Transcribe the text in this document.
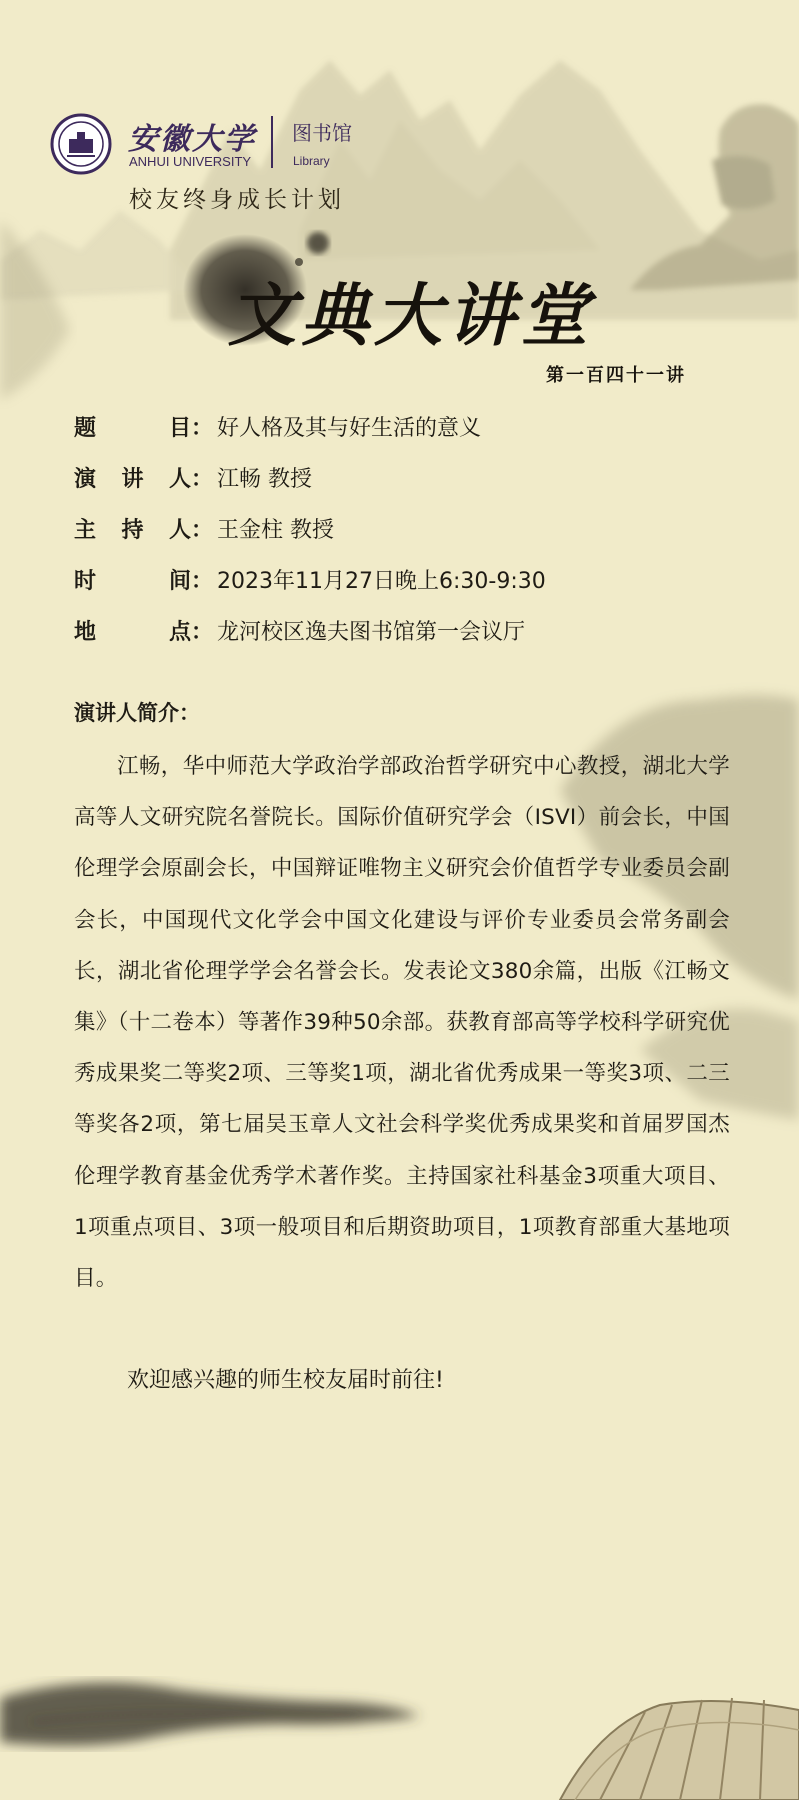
安徽大学
ANHUI UNIVERSITY
图书馆
Library
校友终身成长计划
文典大讲堂
第一百四十一讲
题	目 ： 好人格及其与好生活的意义
演 讲 人 ： 江畅 教授
主 持 人 ： 王金柱 教授
时	间 ： 2023年11月27日晚上6:30-9:30
地	点 ： 龙河校区逸夫图书馆第一会议厅
演讲人简介：
江畅，华中师范大学政治学部政治哲学研究中心教授，湖北大学高等人文研究院名誉院长。国际价值研究学会（ISVI）前会长，中国伦理学会原副会长，中国辩证唯物主义研究会价值哲学专业委员会副会长，中国现代文化学会中国文化建设与评价专业委员会常务副会长，湖北省伦理学学会名誉会长。发表论文380余篇，出版《江畅文集》（十二卷本）等著作39种50余部。获教育部高等学校科学研究优秀成果奖二等奖2项、三等奖1项，湖北省优秀成果一等奖3项、二三等奖各2项，第七届吴玉章人文社会科学奖优秀成果奖和首届罗国杰伦理学教育基金优秀学术著作奖。主持国家社科基金3项重大项目、1项重点项目、3项一般项目和后期资助项目，1项教育部重大基地项目。
欢迎感兴趣的师生校友届时前往!
